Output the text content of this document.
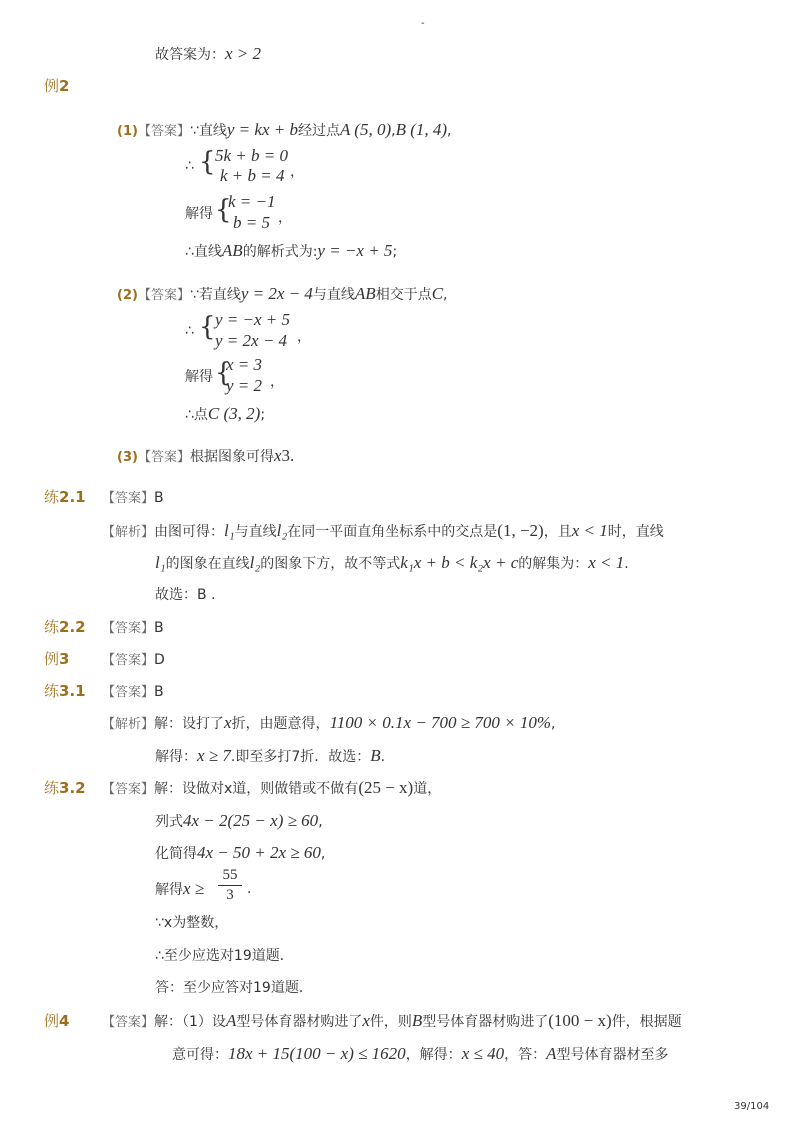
-
故答案为：x > 2
例2
(1)【答案】∵直线y = kx + b经过点A (5, 0),B (1, 4),
∴ { 5k + b = 0
k + b = 4 ，
解得 {
k = −1
b = 5 ，
∴直线AB的解析式为:y = −x + 5;
(2)【答案】∵若直线y = 2x − 4与直线AB相交于点C,
∴ { y = −x + 5
y = 2x − 4 ，
解得 {
x = 3
y = 2 ，
∴点C (3, 2);
(3)【答案】根据图象可得x3.
练2.1 【答案】B
【解析】由图可得：l₁与直线l₂在同一平面直角坐标系中的交点是(1, −2)，且x < 1时，直线
l₁的图象在直线l₂的图象下方，故不等式k₁x + b < k₂x + c的解集为：x < 1.
故选：B .
练2.2 【答案】B
例3	【答案】D
练3.1 【答案】B
【解析】解：设打了x折，由题意得，1100 × 0.1x − 700 ≥ 700 × 10%,
解得：x ≥ 7.即至多打7折．故选：B.
练3.2 【答案】解：设做对x道，则做错或不做有(25 − x)道，
列式4x − 2(25 − x) ≥ 60,
化简得4x − 50 + 2x ≥ 60,
解得x ≥
55
3 .
∵x为整数，
∴至少应选对19道题．
答：至少应答对19道题．
例4	【答案】解：（1）设A型号体育器材购进了x件，则B型号体育器材购进了(100 − x)件，根据题
意可得：18x + 15(100 − x) ≤ 1620，解得：x ≤ 40，答：A型号体育器材至多
39/104
